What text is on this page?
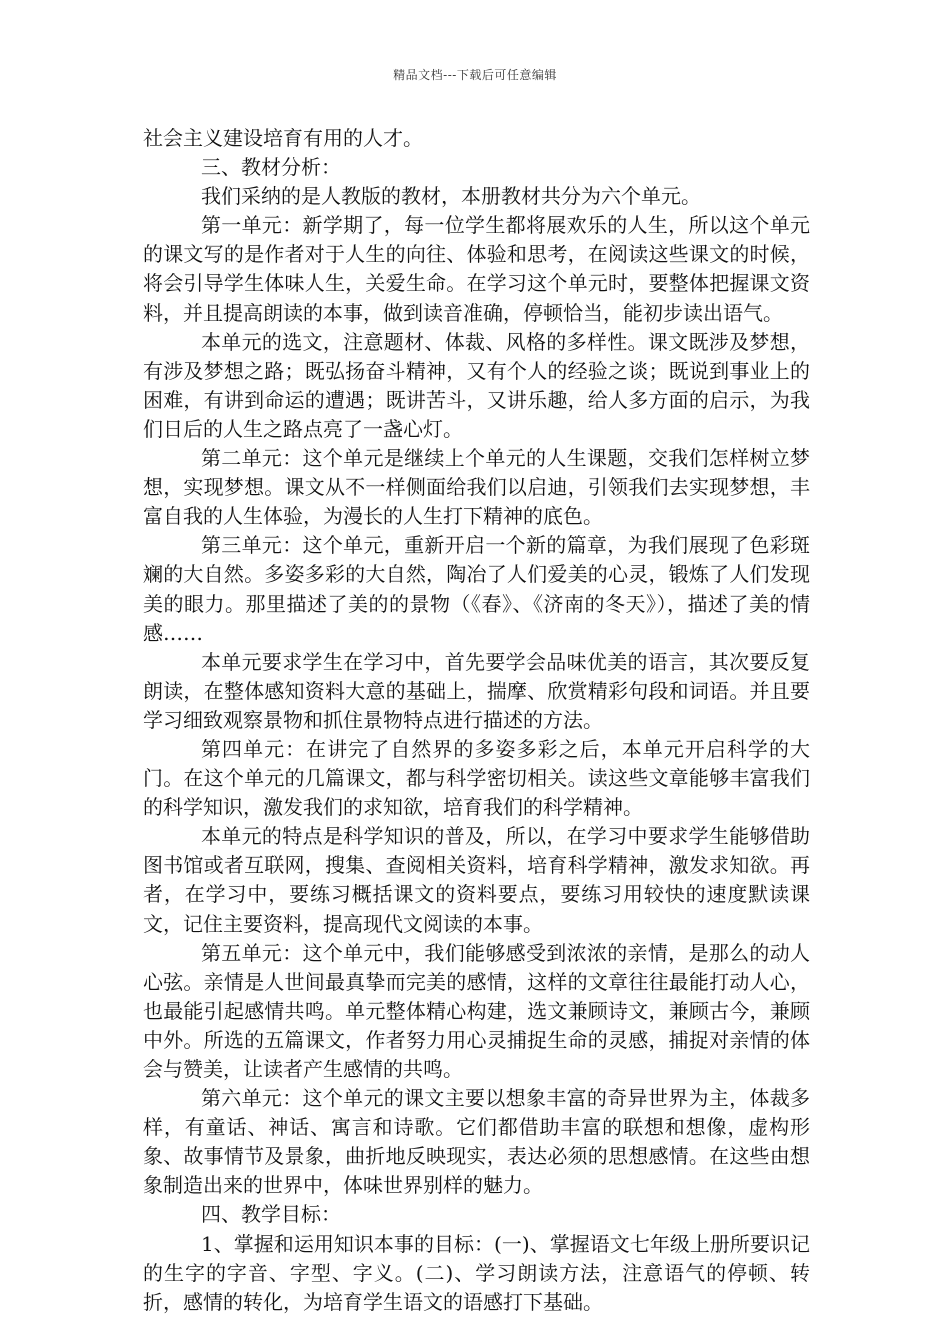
精品文档---下载后可任意编辑

社会主义建设培育有用的人才。

三、教材分析：

我们采纳的是人教版的教材，本册教材共分为六个单元。

第一单元：新学期了，每一位学生都将展欢乐的人生，所以这个单元的课文写的是作者对于人生的向往、体验和思考，在阅读这些课文的时候，将会引导学生体味人生，关爱生命。在学习这个单元时，要整体把握课文资料，并且提高朗读的本事，做到读音准确，停顿恰当，能初步读出语气。

本单元的选文，注意题材、体裁、风格的多样性。课文既涉及梦想，有涉及梦想之路；既弘扬奋斗精神，又有个人的经验之谈；既说到事业上的困难，有讲到命运的遭遇；既讲苦斗，又讲乐趣，给人多方面的启示，为我们日后的人生之路点亮了一盏心灯。

第二单元：这个单元是继续上个单元的人生课题，交我们怎样树立梦想，实现梦想。课文从不一样侧面给我们以启迪，引领我们去实现梦想，丰富自我的人生体验，为漫长的人生打下精神的底色。

第三单元：这个单元，重新开启一个新的篇章，为我们展现了色彩斑斓的大自然。多姿多彩的大自然，陶冶了人们爱美的心灵，锻炼了人们发现美的眼力。那里描述了美的的景物（《春》、《济南的冬天》），描述了美的情感……

本单元要求学生在学习中，首先要学会品味优美的语言，其次要反复朗读，在整体感知资料大意的基础上，揣摩、欣赏精彩句段和词语。并且要学习细致观察景物和抓住景物特点进行描述的方法。

第四单元：在讲完了自然界的多姿多彩之后，本单元开启科学的大门。在这个单元的几篇课文，都与科学密切相关。读这些文章能够丰富我们的科学知识，激发我们的求知欲，培育我们的科学精神。

本单元的特点是科学知识的普及，所以，在学习中要求学生能够借助图书馆或者互联网，搜集、查阅相关资料，培育科学精神，激发求知欲。再者，在学习中，要练习概括课文的资料要点，要练习用较快的速度默读课文，记住主要资料，提高现代文阅读的本事。

第五单元：这个单元中，我们能够感受到浓浓的亲情，是那么的动人心弦。亲情是人世间最真挚而完美的感情，这样的文章往往最能打动人心，也最能引起感情共鸣。单元整体精心构建，选文兼顾诗文，兼顾古今，兼顾中外。所选的五篇课文，作者努力用心灵捕捉生命的灵感，捕捉对亲情的体会与赞美，让读者产生感情的共鸣。

第六单元：这个单元的课文主要以想象丰富的奇异世界为主，体裁多样，有童话、神话、寓言和诗歌。它们都借助丰富的联想和想像，虚构形象、故事情节及景象，曲折地反映现实，表达必须的思想感情。在这些由想象制造出来的世界中，体味世界别样的魅力。

四、教学目标：

1、掌握和运用知识本事的目标：(一)、掌握语文七年级上册所要识记的生字的字音、字型、字义。(二)、学习朗读方法，注意语气的停顿、转折，感情的转化，为培育学生语文的语感打下基础。
